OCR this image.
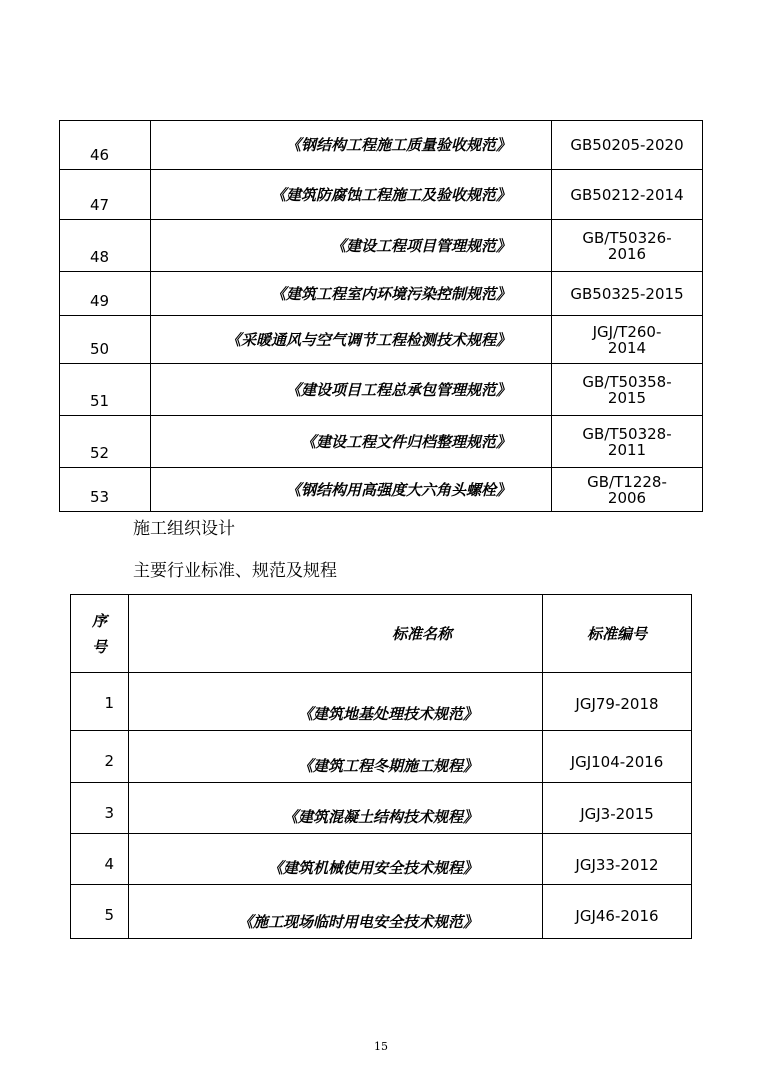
46	《钢结构工程施工质量验收规范》	GB50205-2020
47	《建筑防腐蚀工程施工及验收规范》	GB50212-2014
48	《建设工程项目管理规范》	GB/T50326-
2016
49	《建筑工程室内环境污染控制规范》	GB50325-2015
50	《采暖通风与空气调节工程检测技术规程》	JGJ/T260-
2014
51	《建设项目工程总承包管理规范》	GB/T50358-
2015
52	《建设工程文件归档整理规范》	GB/T50328-
2011
53	《钢结构用高强度大六角头螺栓》	GB/T1228-
2006
施工组织设计
主要行业标准、规范及规程
序
号	标准名称	标准编号
1	《建筑地基处理技术规范》	JGJ79-2018
2	《建筑工程冬期施工规程》	JGJ104-2016
3	《建筑混凝土结构技术规程》	JGJ3-2015
4	《建筑机械使用安全技术规程》	JGJ33-2012
5	《施工现场临时用电安全技术规范》	JGJ46-2016
15
